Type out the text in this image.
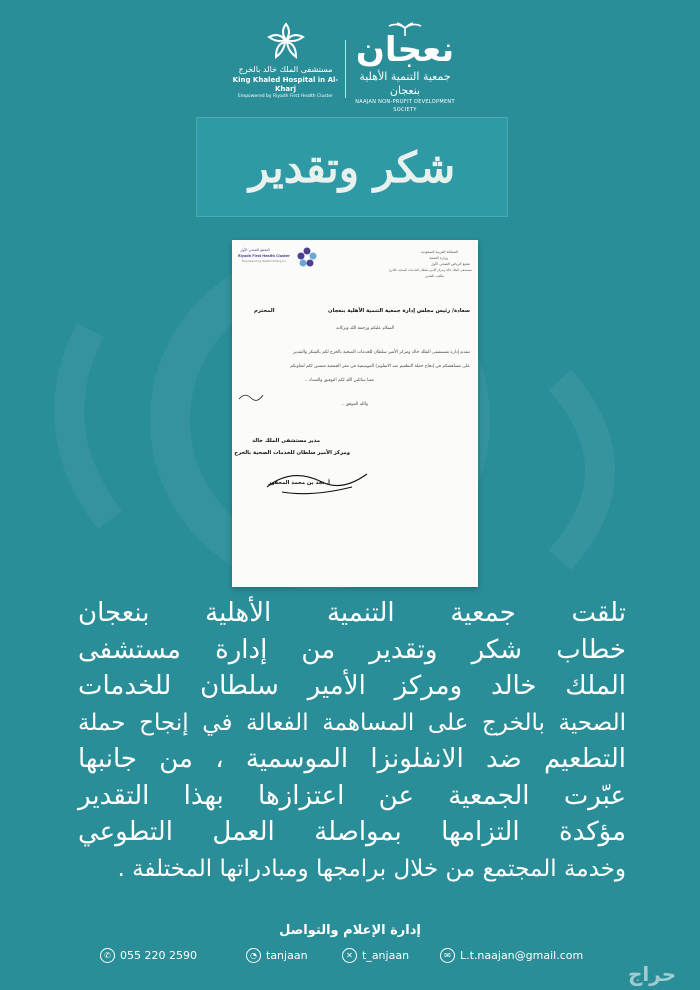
نعجان
جمعية التنمية الأهلية بنعجان
NAAJAN NON-PROFIT DEVELOPMENT SOCIETY
مستشفى الملك خالد بالخرج
King Khaled Hospital in Al-Kharj
Empowered by Riyadh First Health Cluster
شكر وتقدير
المملكة العربية السعودية
وزارة الصحة
تجمع الرياض الصحي الأول
مستشفى الملك خالد ومركز الأمير سلطان للخدمات الصحية بالخرج
مكتب المدير
التجمع الصحي الأول
Riyadh First Health Cluster
Empowered by Health Holding Co.
سعادة/ رئيس مجلس إدارة جمعية التنمية الأهلية بنعجان
المحترم
السلام عليكم ورحمة الله وبركاته
تتقدم إدارة مستشفى الملك خالد ومركز الأمير سلطان للخدمات الصحية بالخرج لكم بالشكر والتقدير
على مساهمتكم في إنجاح حملة التطعيم ضد الانفلونزا الموسمية في مقر الجمعية متمنين لكم لتعاونكم
معنا سائلين الله لكم التوفيق والسداد ..
والله الموفق ..
مدير مستشفى الملك خالد
ومركز الأمير سلطان للخدمات الصحية بالخرج
أ. نجد بن محمد المحفور
تلقت جمعية التنمية الأهلية بنعجان
خطاب شكر وتقدير من إدارة مستشفى
الملك خالد ومركز الأمير سلطان للخدمات
الصحية بالخرج على المساهمة الفعالة في إنجاح حملة
التطعيم ضد الانفلونزا الموسمية ، من جانبها
عبّرت الجمعية عن اعتزازها بهذا التقدير
مؤكدة التزامها بمواصلة العمل التطوعي
وخدمة المجتمع من خلال برامجها ومبادراتها المختلفة .
إدارة الإعلام والتواصل
✆ 055 220 2590	◔ tanjaan	✕ t_anjaan	✉ L.t.naajan@gmail.com
حراج
